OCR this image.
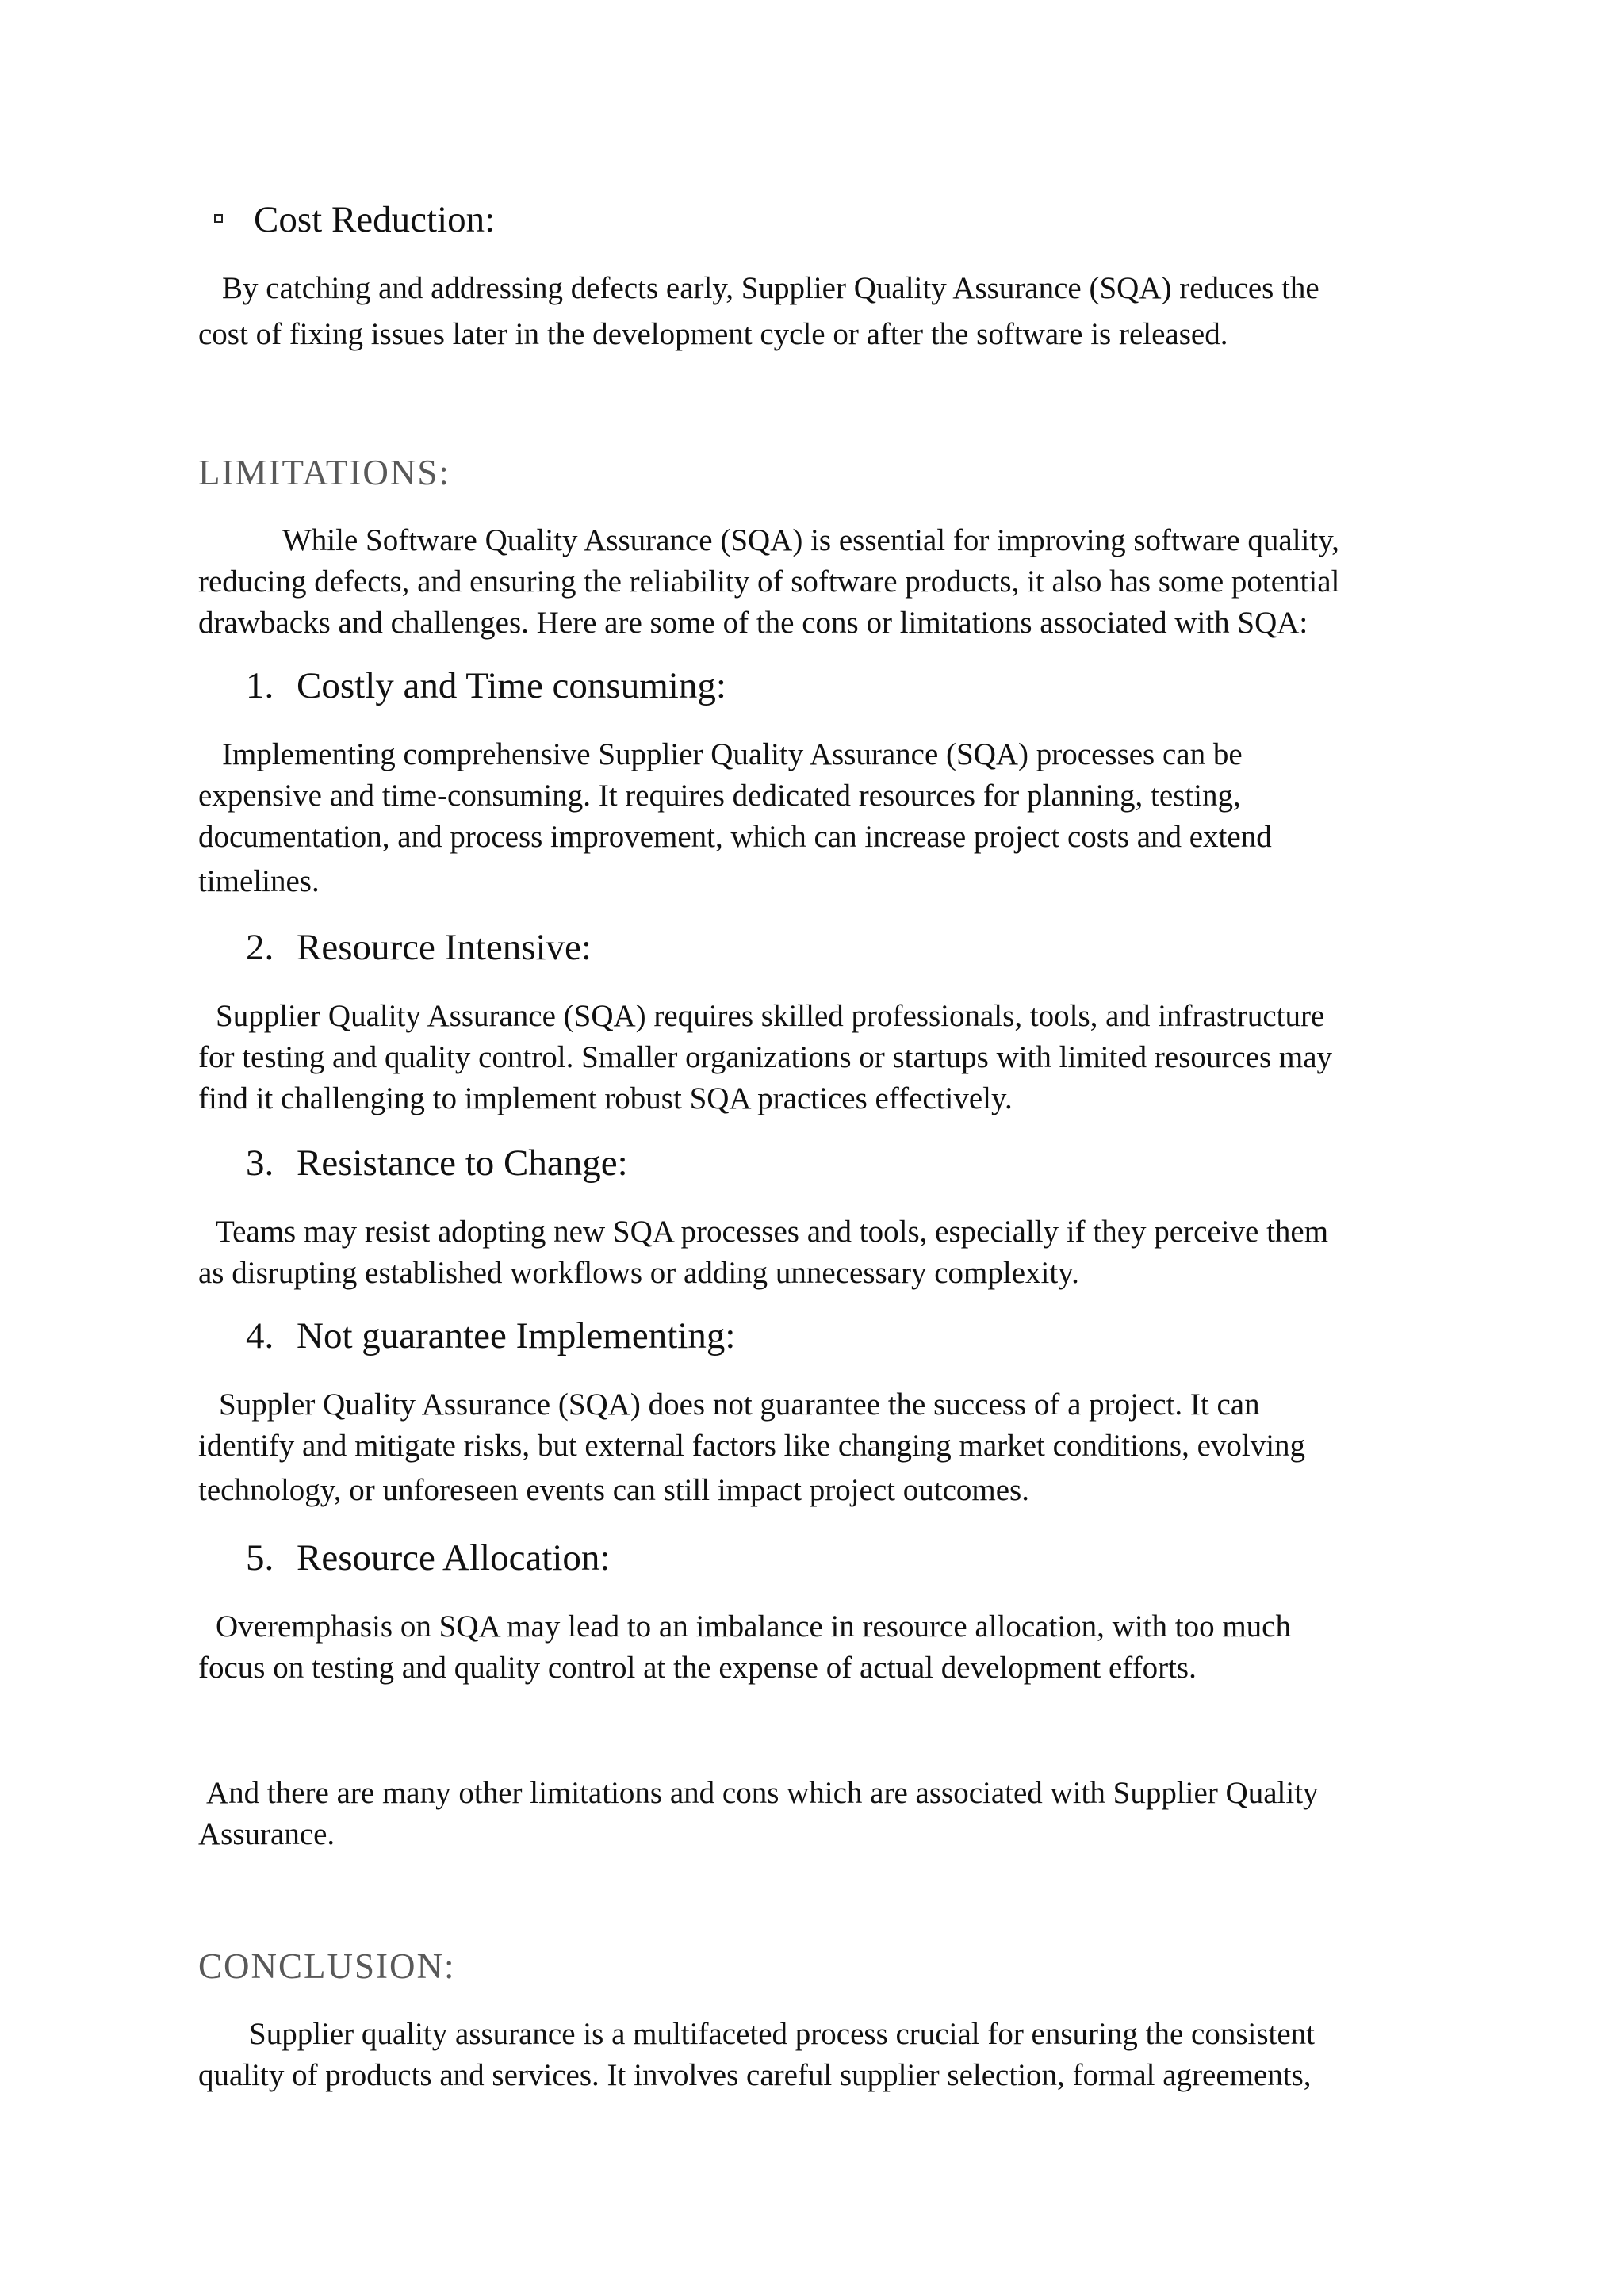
Cost Reduction:

By catching and addressing defects early, Supplier Quality Assurance (SQA) reduces the
cost of fixing issues later in the development cycle or after the software is released.

LIMITATIONS:

While Software Quality Assurance (SQA) is essential for improving software quality,
reducing defects, and ensuring the reliability of software products, it also has some potential
drawbacks and challenges. Here are some of the cons or limitations associated with SQA:

1. Costly and Time consuming:

Implementing comprehensive Supplier Quality Assurance (SQA) processes can be
expensive and time-consuming. It requires dedicated resources for planning, testing,
documentation, and process improvement, which can increase project costs and extend
timelines.

2. Resource Intensive:

Supplier Quality Assurance (SQA) requires skilled professionals, tools, and infrastructure
for testing and quality control. Smaller organizations or startups with limited resources may
find it challenging to implement robust SQA practices effectively.

3. Resistance to Change:

Teams may resist adopting new SQA processes and tools, especially if they perceive them
as disrupting established workflows or adding unnecessary complexity.

4. Not guarantee Implementing:

Suppler Quality Assurance (SQA) does not guarantee the success of a project. It can
identify and mitigate risks, but external factors like changing market conditions, evolving
technology, or unforeseen events can still impact project outcomes.

5. Resource Allocation:

Overemphasis on SQA may lead to an imbalance in resource allocation, with too much
focus on testing and quality control at the expense of actual development efforts.

And there are many other limitations and cons which are associated with Supplier Quality
Assurance.

CONCLUSION:

Supplier quality assurance is a multifaceted process crucial for ensuring the consistent
quality of products and services. It involves careful supplier selection, formal agreements,
